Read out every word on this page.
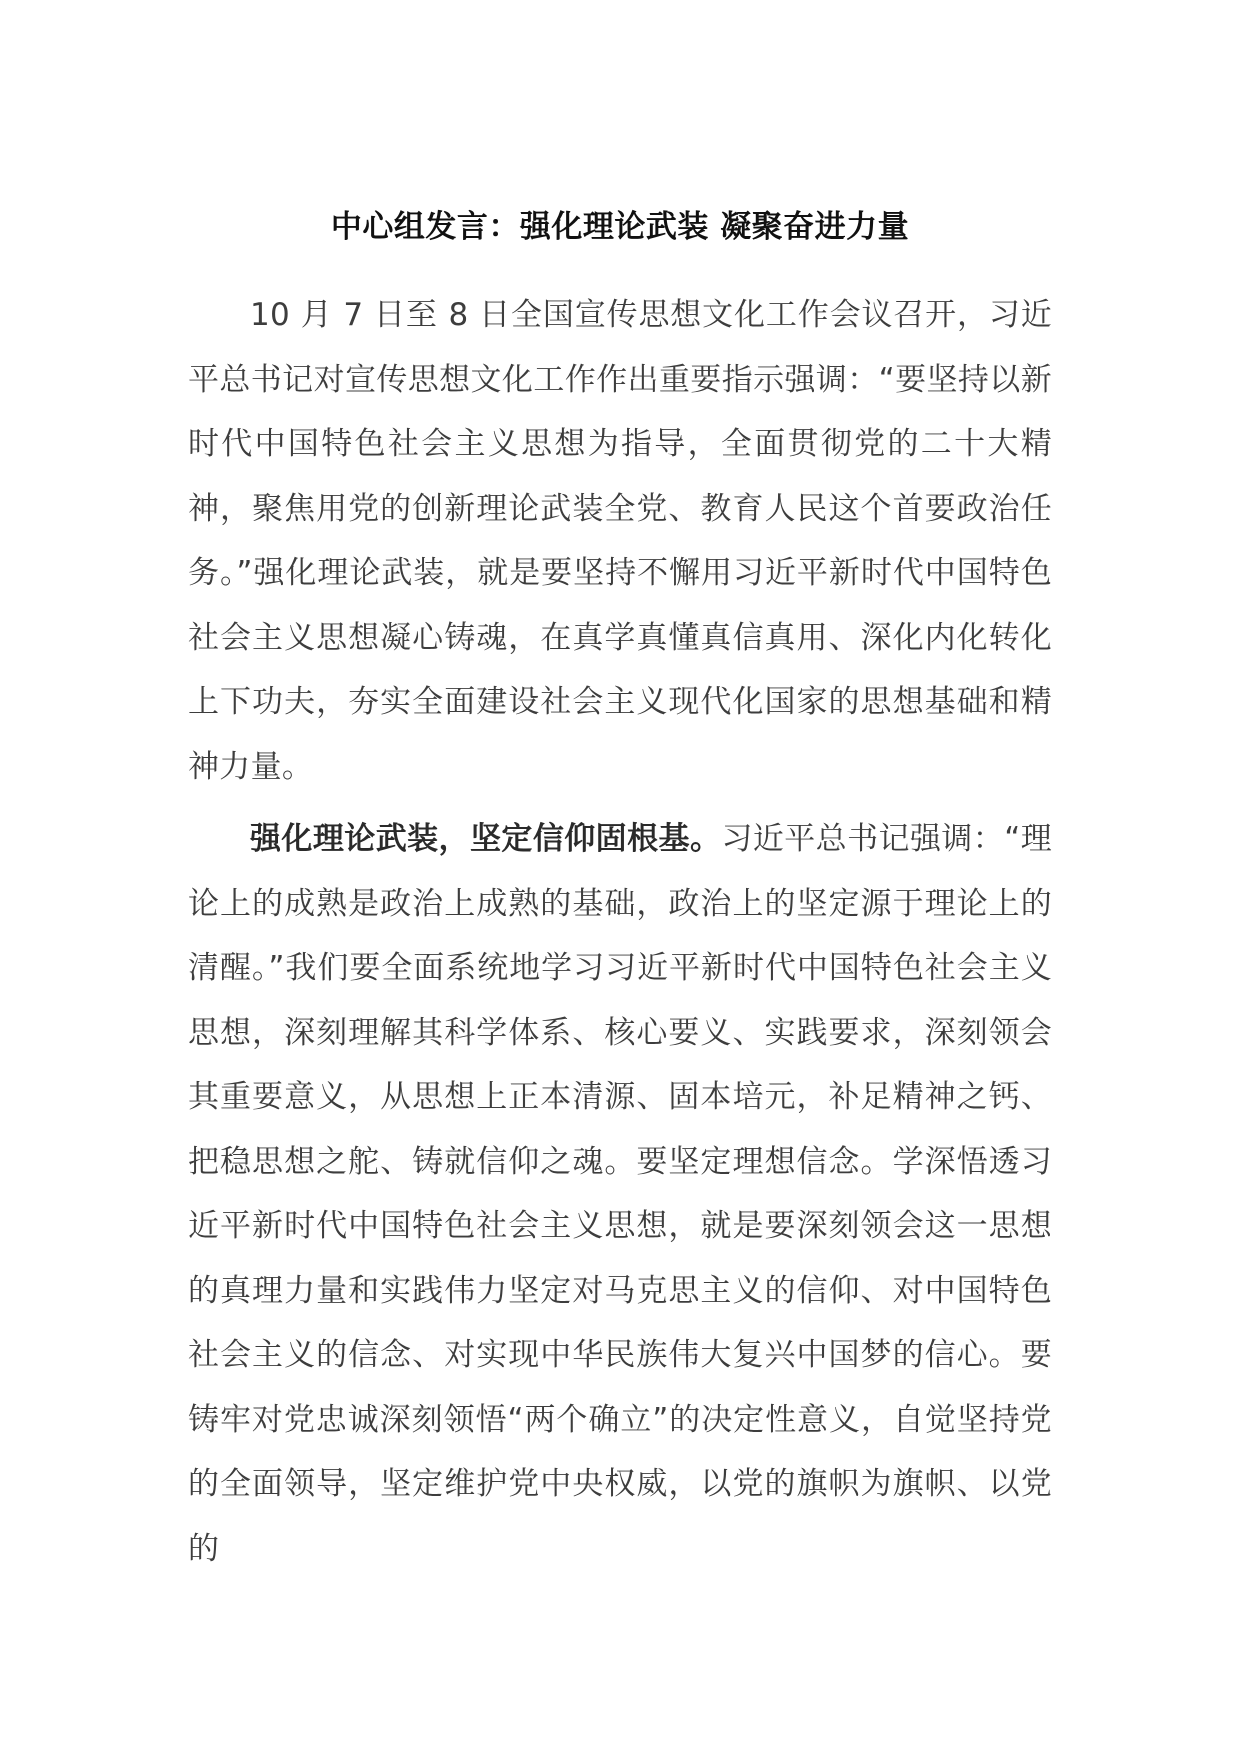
中心组发言：强化理论武装 凝聚奋进力量

10 月 7 日至 8 日全国宣传思想文化工作会议召开，习近平总书记对宣传思想文化工作作出重要指示强调：“要坚持以新时代中国特色社会主义思想为指导，全面贯彻党的二十大精神，聚焦用党的创新理论武装全党、教育人民这个首要政治任务。”强化理论武装，就是要坚持不懈用习近平新时代中国特色社会主义思想凝心铸魂，在真学真懂真信真用、深化内化转化上下功夫，夯实全面建设社会主义现代化国家的思想基础和精神力量。

强化理论武装，坚定信仰固根基。习近平总书记强调：“理论上的成熟是政治上成熟的基础，政治上的坚定源于理论上的清醒。”我们要全面系统地学习习近平新时代中国特色社会主义思想，深刻理解其科学体系、核心要义、实践要求，深刻领会其重要意义，从思想上正本清源、固本培元，补足精神之钙、把稳思想之舵、铸就信仰之魂。要坚定理想信念。学深悟透习近平新时代中国特色社会主义思想，就是要深刻领会这一思想的真理力量和实践伟力坚定对马克思主义的信仰、对中国特色社会主义的信念、对实现中华民族伟大复兴中国梦的信心。要铸牢对党忠诚深刻领悟“两个确立”的决定性意义，自觉坚持党的全面领导，坚定维护党中央权威，以党的旗帜为旗帜、以党的
